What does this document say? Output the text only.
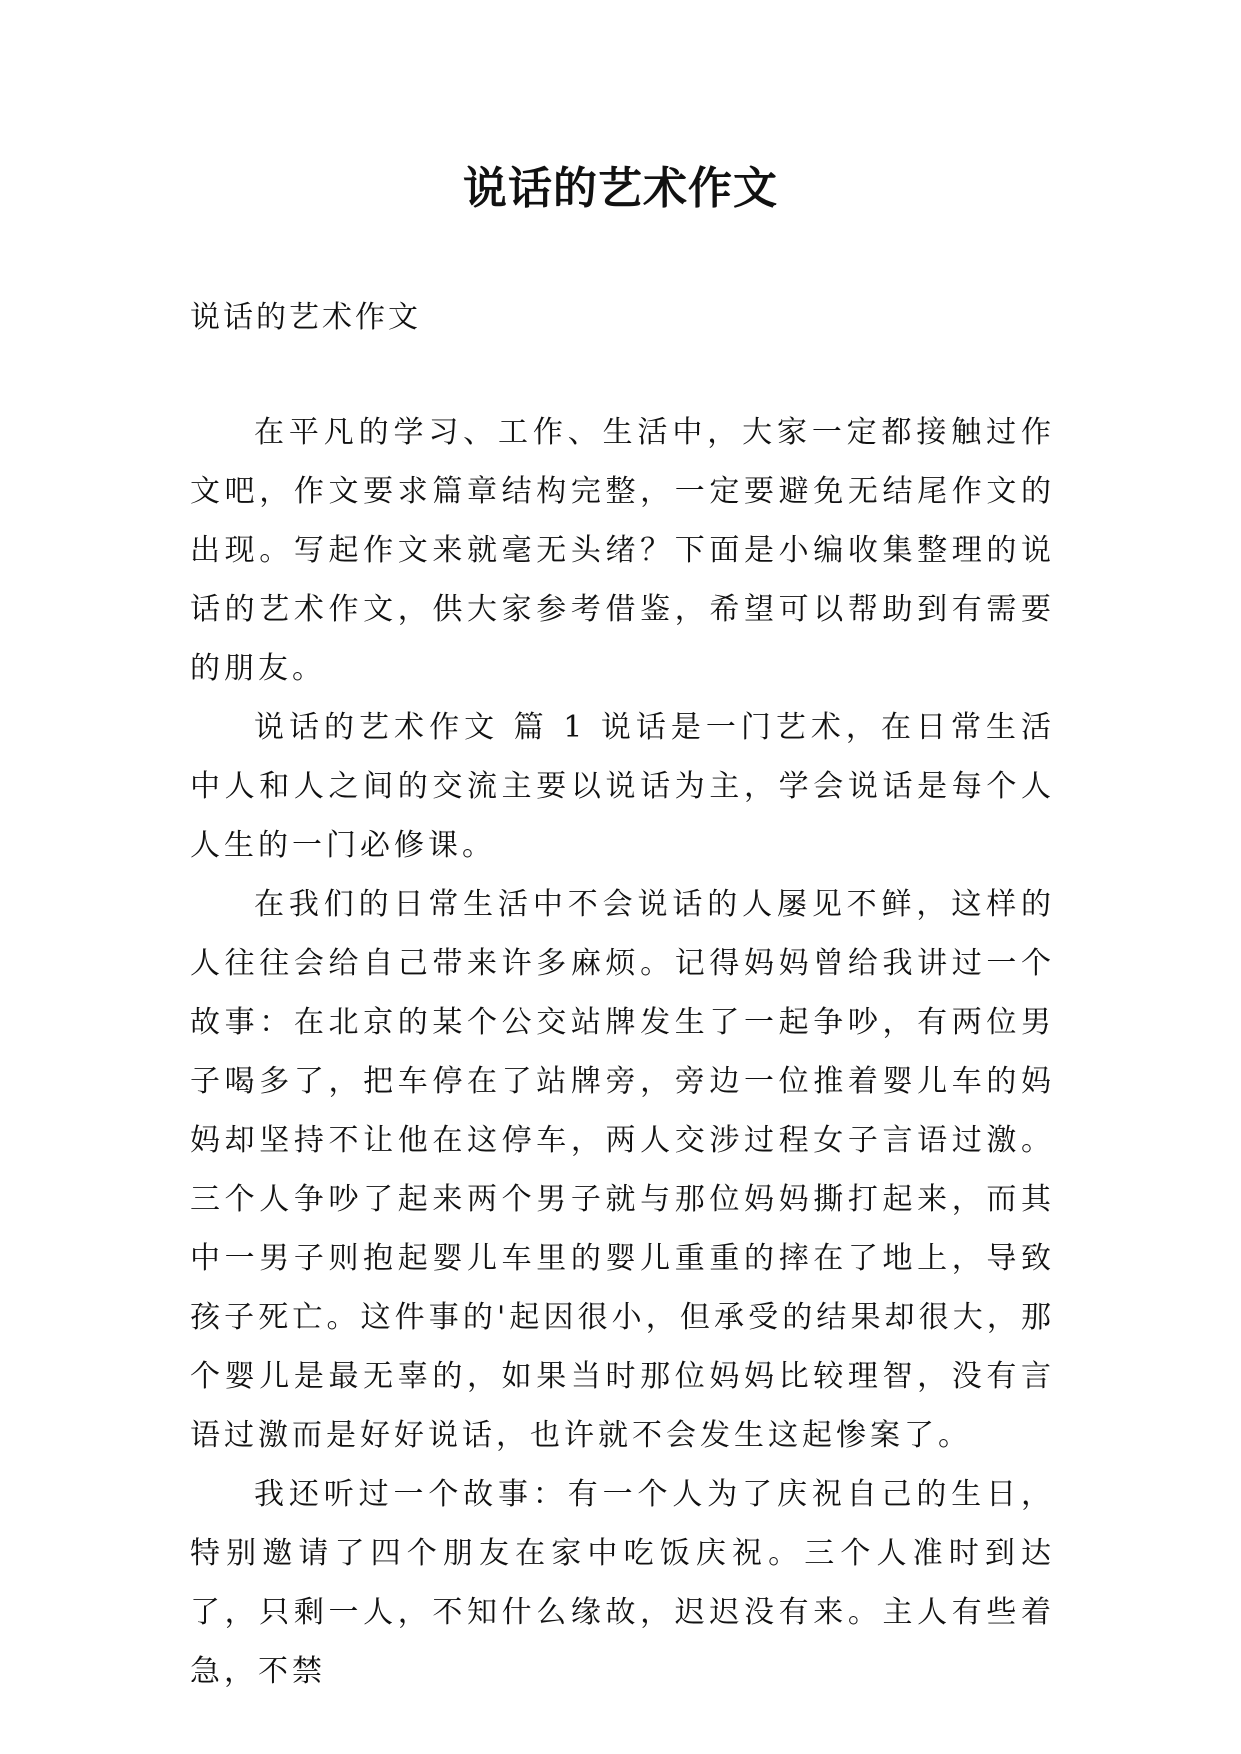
说话的艺术作文
说话的艺术作文

在平凡的学习、工作、生活中，大家一定都接触过作文吧，作文要求篇章结构完整，一定要避免无结尾作文的出现。写起作文来就毫无头绪？下面是小编收集整理的说话的艺术作文，供大家参考借鉴，希望可以帮助到有需要的朋友。

说话的艺术作文 篇 1 说话是一门艺术，在日常生活中人和人之间的交流主要以说话为主，学会说话是每个人人生的一门必修课。

在我们的日常生活中不会说话的人屡见不鲜，这样的人往往会给自己带来许多麻烦。记得妈妈曾给我讲过一个故事：在北京的某个公交站牌发生了一起争吵，有两位男子喝多了，把车停在了站牌旁，旁边一位推着婴儿车的妈妈却坚持不让他在这停车，两人交涉过程女子言语过激。三个人争吵了起来两个男子就与那位妈妈撕打起来，而其中一男子则抱起婴儿车里的婴儿重重的摔在了地上，导致孩子死亡。这件事的'起因很小，但承受的结果却很大，那个婴儿是最无辜的，如果当时那位妈妈比较理智，没有言语过激而是好好说话，也许就不会发生这起惨案了。

我还听过一个故事：有一个人为了庆祝自己的生日，特别邀请了四个朋友在家中吃饭庆祝。三个人准时到达了，只剩一人，不知什么缘故，迟迟没有来。主人有些着急，不禁
